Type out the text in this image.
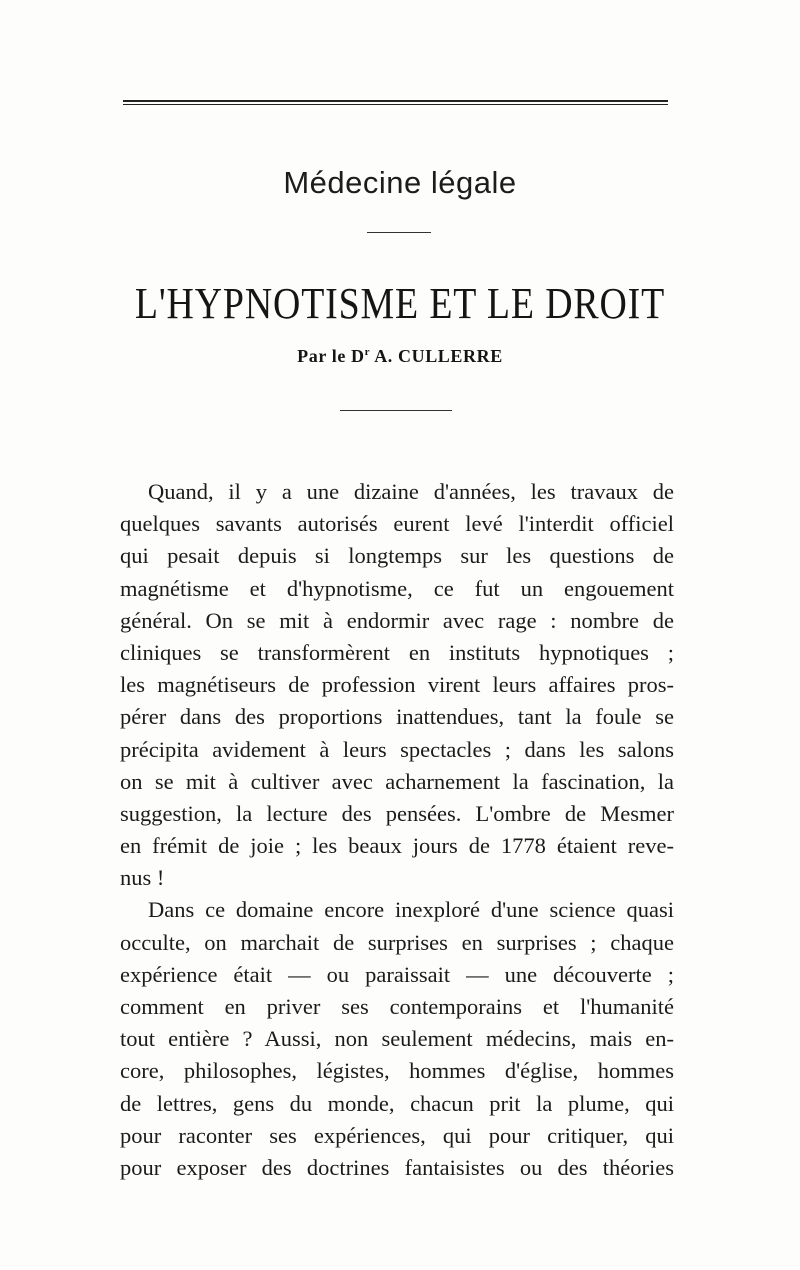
Médecine légale
L'HYPNOTISME ET LE DROIT
Par le $D^r$ A. CULLERRE
Quand, il y a une dizaine d'années, les travaux de
quelques savants autorisés eurent levé l'interdit officiel
qui pesait depuis si longtemps sur les questions de
magnétisme et d'hypnotisme, ce fut un engouement
général. On se mit à endormir avec rage : nombre de
cliniques se transformèrent en instituts hypnotiques ;
les magnétiseurs de profession virent leurs affaires pros-
pérer dans des proportions inattendues, tant la foule se
précipita avidement à leurs spectacles ; dans les salons
on se mit à cultiver avec acharnement la fascination, la
suggestion, la lecture des pensées. L'ombre de Mesmer
en frémit de joie ; les beaux jours de 1778 étaient reve-
nus !
Dans ce domaine encore inexploré d'une science quasi
occulte, on marchait de surprises en surprises ; chaque
expérience était — ou paraissait — une découverte ;
comment en priver ses contemporains et l'humanité
tout entière ? Aussi, non seulement médecins, mais en-
core, philosophes, légistes, hommes d'église, hommes
de lettres, gens du monde, chacun prit la plume, qui
pour raconter ses expériences, qui pour critiquer, qui
pour exposer des doctrines fantaisistes ou des théories
